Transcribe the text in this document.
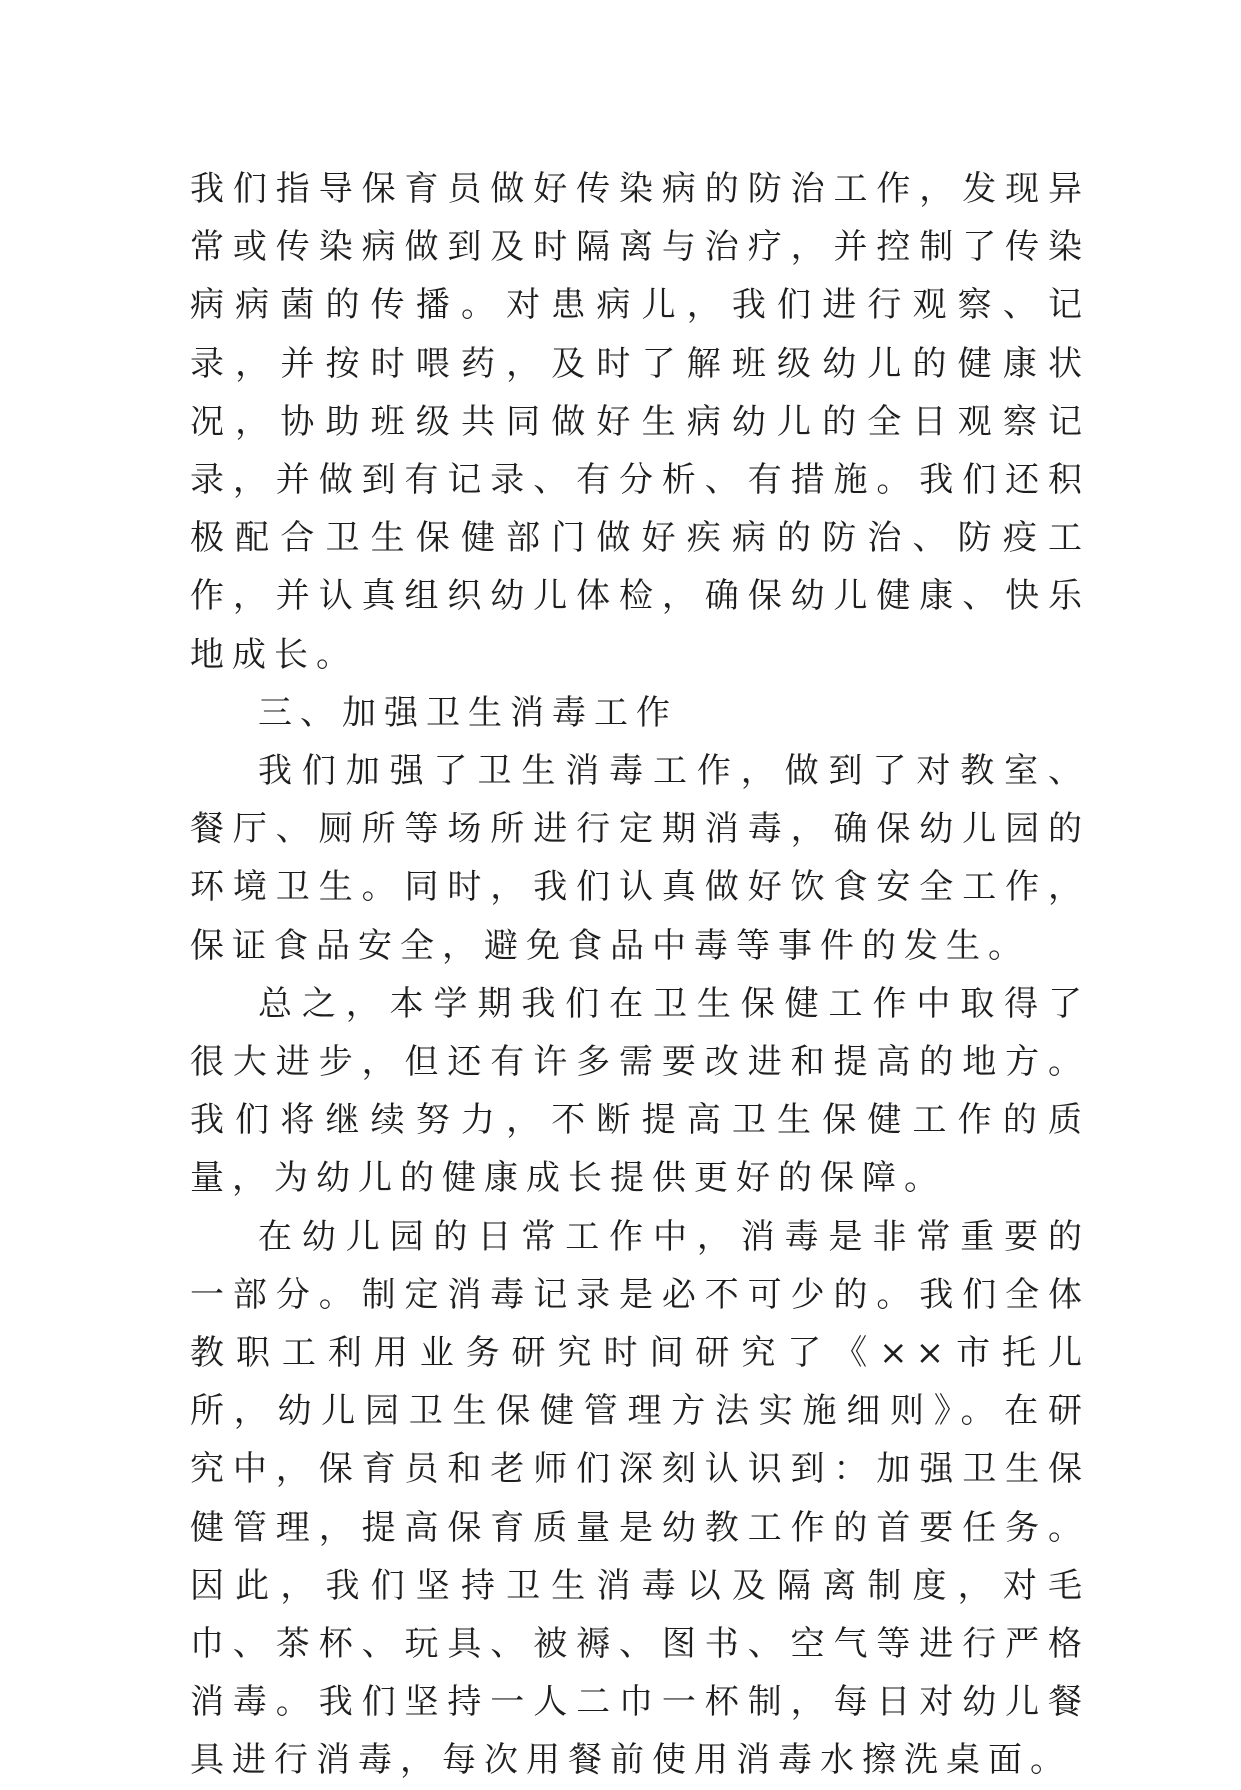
我们指导保育员做好传染病的防治工作，发现异常或传染病做到及时隔离与治疗，并控制了传染病病菌的传播。对患病儿，我们进行观察、记录，并按时喂药，及时了解班级幼儿的健康状况，协助班级共同做好生病幼儿的全日观察记录，并做到有记录、有分析、有措施。我们还积极配合卫生保健部门做好疾病的防治、防疫工作，并认真组织幼儿体检，确保幼儿健康、快乐地成长。

三、加强卫生消毒工作

我们加强了卫生消毒工作，做到了对教室、餐厅、厕所等场所进行定期消毒，确保幼儿园的环境卫生。同时，我们认真做好饮食安全工作，保证食品安全，避免食品中毒等事件的发生。

总之，本学期我们在卫生保健工作中取得了很大进步，但还有许多需要改进和提高的地方。我们将继续努力，不断提高卫生保健工作的质量，为幼儿的健康成长提供更好的保障。

在幼儿园的日常工作中，消毒是非常重要的一部分。制定消毒记录是必不可少的。我们全体教职工利用业务研究时间研究了《××市托儿所，幼儿园卫生保健管理方法实施细则》。在研究中，保育员和老师们深刻认识到：加强卫生保健管理，提高保育质量是幼教工作的首要任务。因此，我们坚持卫生消毒以及隔离制度，对毛巾、茶杯、玩具、被褥、图书、空气等进行严格消毒。我们坚持一人二巾一杯制，每日对幼儿餐具进行消毒，每次用餐前使用消毒水擦洗桌面。
